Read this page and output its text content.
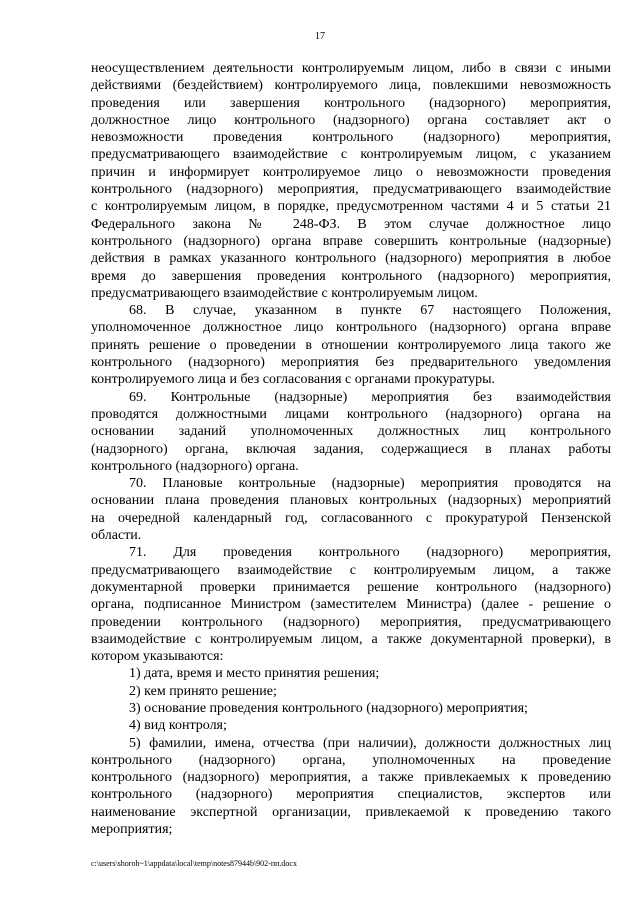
17
неосуществлением деятельности контролируемым лицом, либо в связи с иными
действиями (бездействием) контролируемого лица, повлекшими невозможность
проведения или завершения контрольного (надзорного) мероприятия,
должностное лицо контрольного (надзорного) органа составляет акт о
невозможности проведения контрольного (надзорного) мероприятия,
предусматривающего взаимодействие с контролируемым лицом, с указанием
причин и информирует контролируемое лицо о невозможности проведения
контрольного (надзорного) мероприятия, предусматривающего взаимодействие
с контролируемым лицом, в порядке, предусмотренном частями 4 и 5 статьи 21
Федерального закона № 248-ФЗ. В этом случае должностное лицо
контрольного (надзорного) органа вправе совершить контрольные (надзорные)
действия в рамках указанного контрольного (надзорного) мероприятия в любое
время до завершения проведения контрольного (надзорного) мероприятия,
предусматривающего взаимодействие с контролируемым лицом.
68. В случае, указанном в пункте 67 настоящего Положения,
уполномоченное должностное лицо контрольного (надзорного) органа вправе
принять решение о проведении в отношении контролируемого лица такого же
контрольного (надзорного) мероприятия без предварительного уведомления
контролируемого лица и без согласования с органами прокуратуры.
69. Контрольные (надзорные) мероприятия без взаимодействия
проводятся должностными лицами контрольного (надзорного) органа на
основании заданий уполномоченных должностных лиц контрольного
(надзорного) органа, включая задания, содержащиеся в планах работы
контрольного (надзорного) органа.
70. Плановые контрольные (надзорные) мероприятия проводятся на
основании плана проведения плановых контрольных (надзорных) мероприятий
на очередной календарный год, согласованного с прокуратурой Пензенской
области.
71. Для проведения контрольного (надзорного) мероприятия,
предусматривающего взаимодействие с контролируемым лицом, а также
документарной проверки принимается решение контрольного (надзорного)
органа, подписанное Министром (заместителем Министра) (далее - решение о
проведении контрольного (надзорного) мероприятия, предусматривающего
взаимодействие с контролируемым лицом, а также документарной проверки), в
котором указываются:
1) дата, время и место принятия решения;
2) кем принято решение;
3) основание проведения контрольного (надзорного) мероприятия;
4) вид контроля;
5) фамилии, имена, отчества (при наличии), должности должностных лиц
контрольного (надзорного) органа, уполномоченных на проведение
контрольного (надзорного) мероприятия, а также привлекаемых к проведению
контрольного (надзорного) мероприятия специалистов, экспертов или
наименование экспертной организации, привлекаемой к проведению такого
мероприятия;
c:\users\shoroh~1\appdata\local\temp\notes87944b\902-пп.docx
